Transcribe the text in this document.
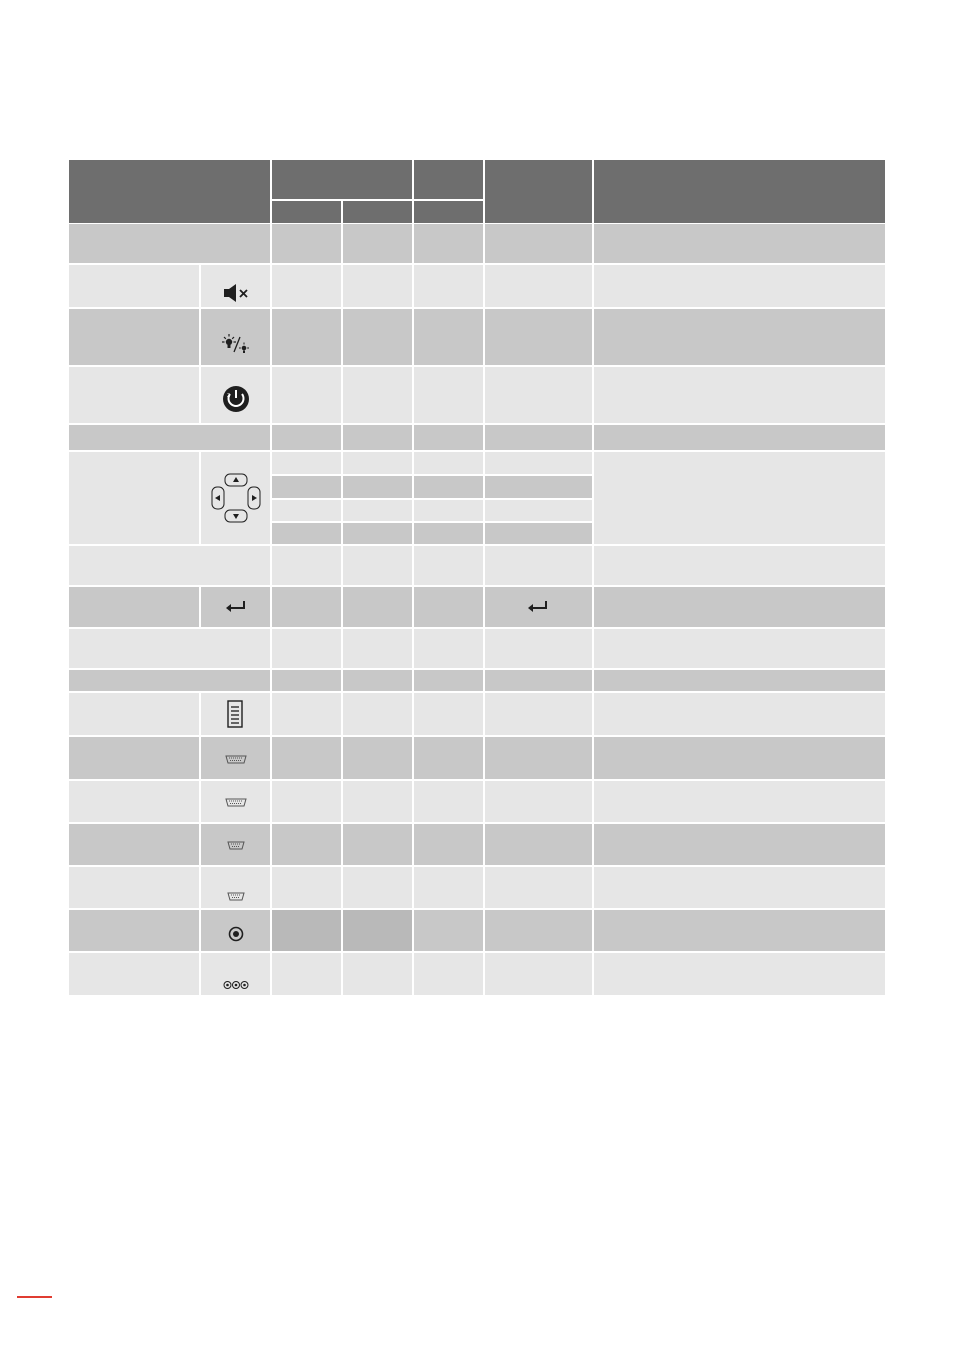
z
